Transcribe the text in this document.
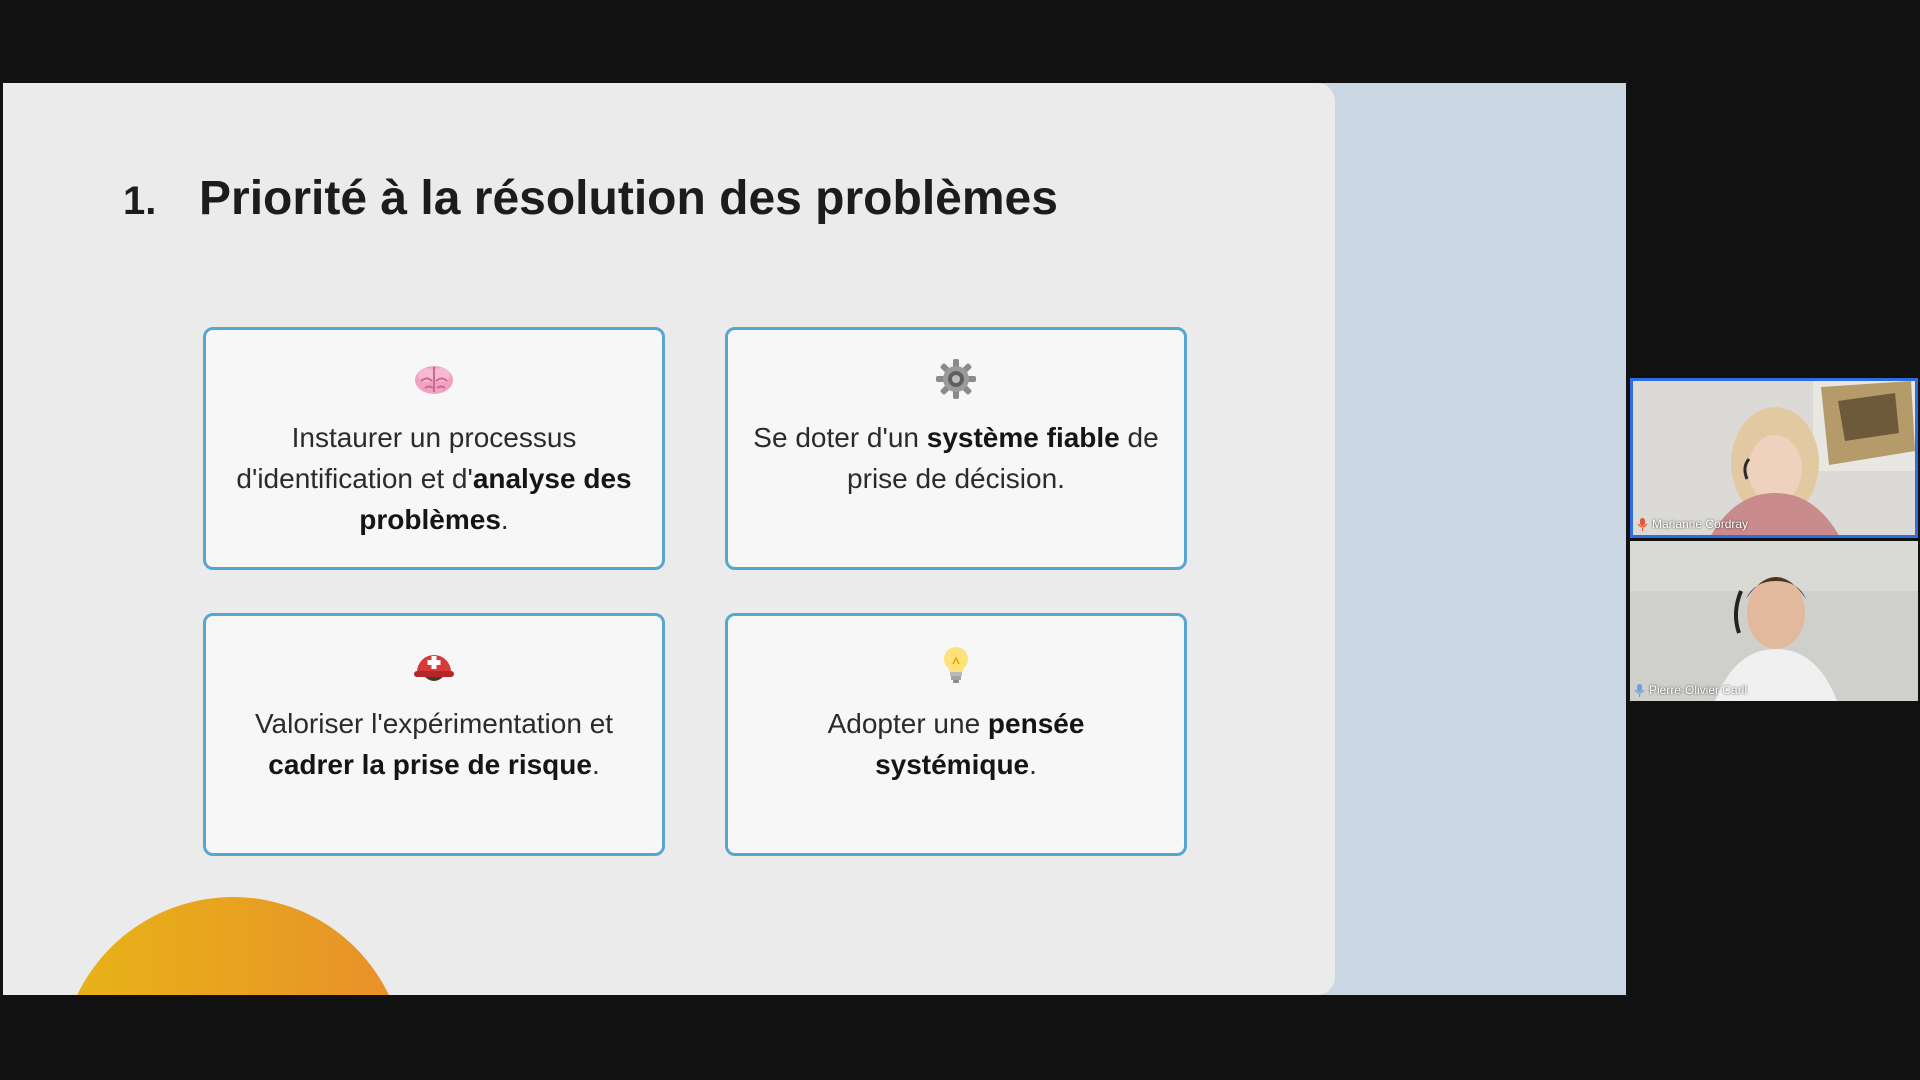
1. Priorité à la résolution des problèmes
Instaurer un processus d'identification et d'analyse des problèmes.
Se doter d'un système fiable de prise de décision.
Valoriser l'expérimentation et cadrer la prise de risque.
Adopter une pensée systémique.
Marianne Cordray
Pierre-Olivier Carll
